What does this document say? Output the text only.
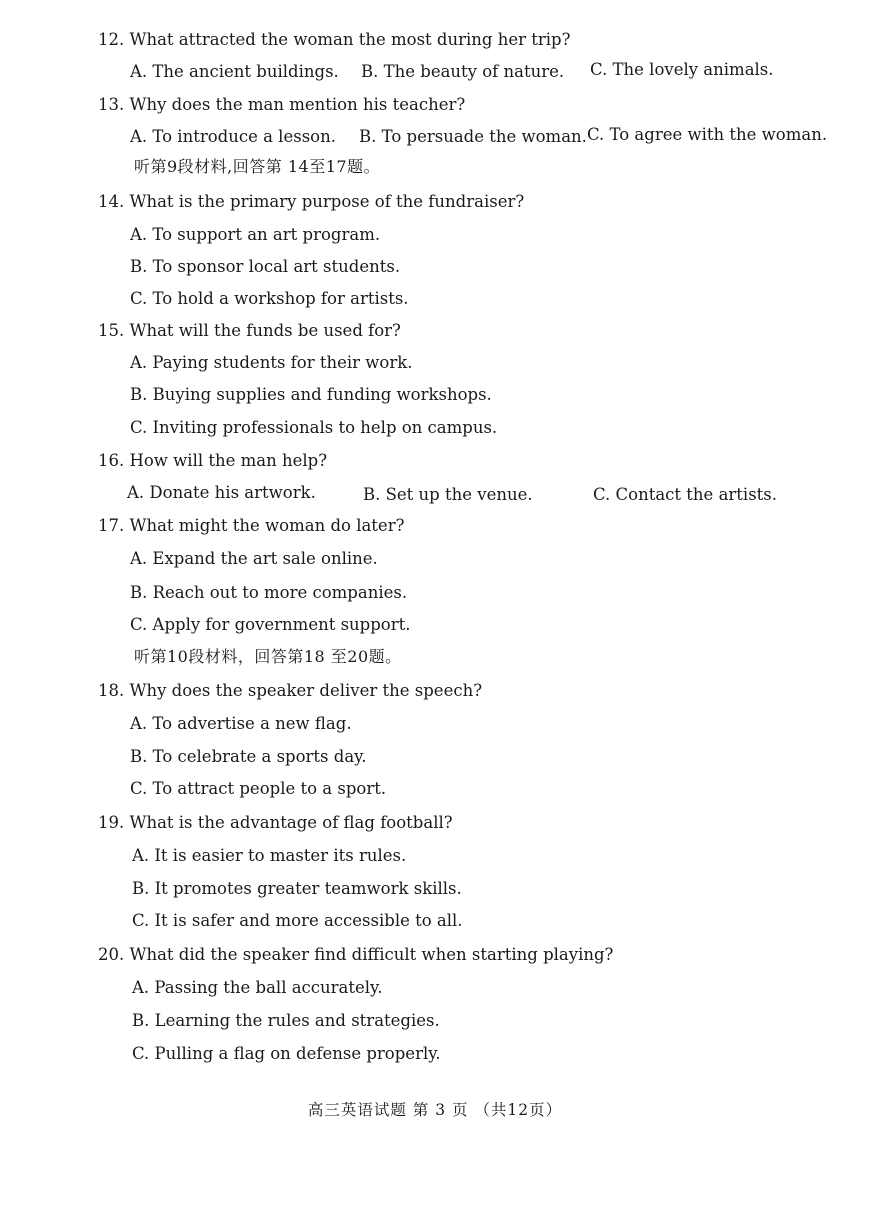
12. What attracted the woman the most during her trip?
A. The ancient buildings. B. The beauty of nature. C. The lovely animals.
13. Why does the man mention his teacher?
A. To introduce a lesson. B. To persuade the woman. C. To agree with the woman.
听第9段材料,回答第 14至17题。
14. What is the primary purpose of the fundraiser?
A. To support an art program.
B. To sponsor local art students.
C. To hold a workshop for artists.
15. What will the funds be used for?
A. Paying students for their work.
B. Buying supplies and funding workshops.
C. Inviting professionals to help on campus.
16. How will the man help?
A. Donate his artwork.	B. Set up the venue.	C. Contact the artists.
17. What might the woman do later?
A. Expand the art sale online.
B. Reach out to more companies.
C. Apply for government support.
听第10段材料，回答第18 至20题。
18. Why does the speaker deliver the speech?
A. To advertise a new flag.
B. To celebrate a sports day.
C. To attract people to a sport.
19. What is the advantage of flag football?
A. It is easier to master its rules.
B. It promotes greater teamwork skills.
C. It is safer and more accessible to all.
20. What did the speaker find difficult when starting playing?
A. Passing the ball accurately.
B. Learning the rules and strategies.
C. Pulling a flag on defense properly.
高三英语试题 第 3 页 （共12页）
